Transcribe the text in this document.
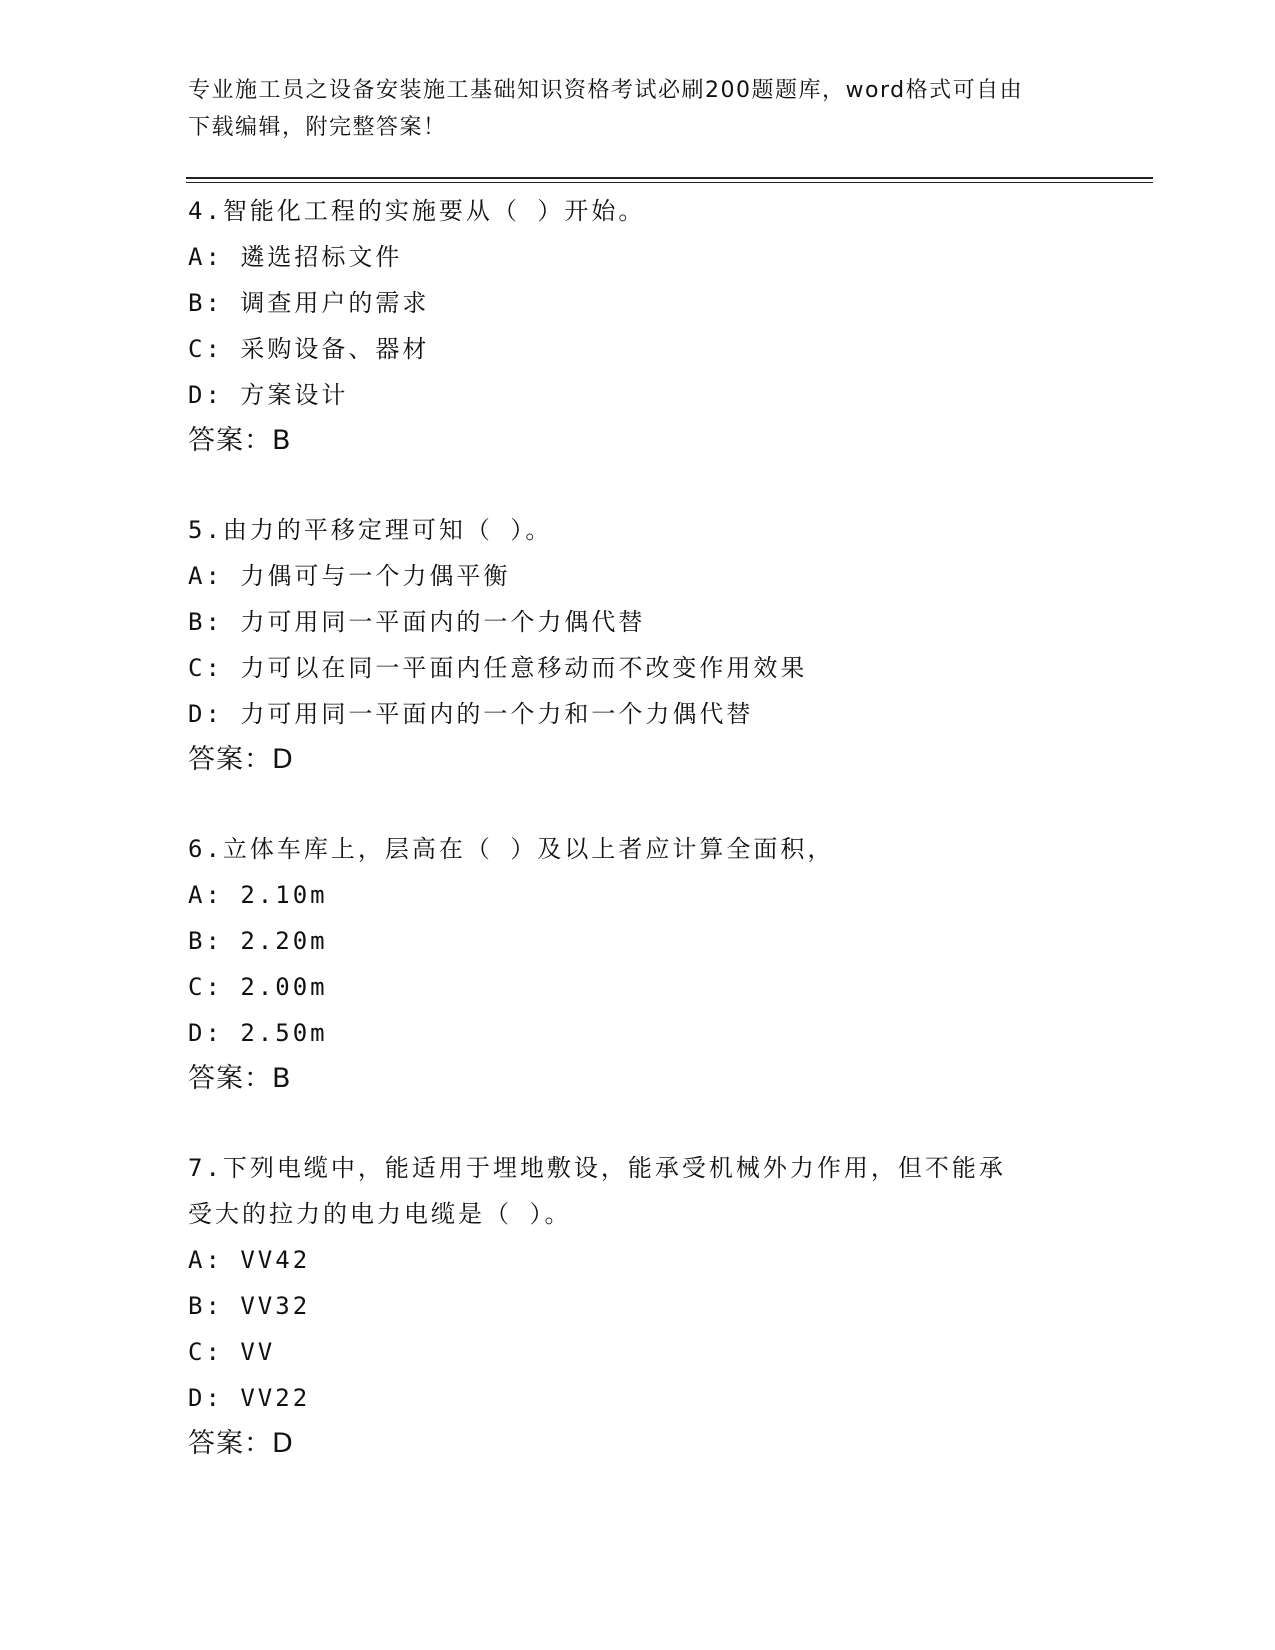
专业施工员之设备安装施工基础知识资格考试必刷200题题库，word格式可自由
下载编辑，附完整答案！
4.智能化工程的实施要从（ ）开始。
A: 遴选招标文件
B: 调查用户的需求
C: 采购设备、器材
D: 方案设计
答案：B
5.由力的平移定理可知（ ）。
A: 力偶可与一个力偶平衡
B: 力可用同一平面内的一个力偶代替
C: 力可以在同一平面内任意移动而不改变作用效果
D: 力可用同一平面内的一个力和一个力偶代替
答案：D
6.立体车库上，层高在（ ）及以上者应计算全面积，
A: 2.10m
B: 2.20m
C: 2.00m
D: 2.50m
答案：B
7.下列电缆中，能适用于埋地敷设，能承受机械外力作用，但不能承
受大的拉力的电力电缆是（ ）。
A: VV42
B: VV32
C: VV
D: VV22
答案：D
